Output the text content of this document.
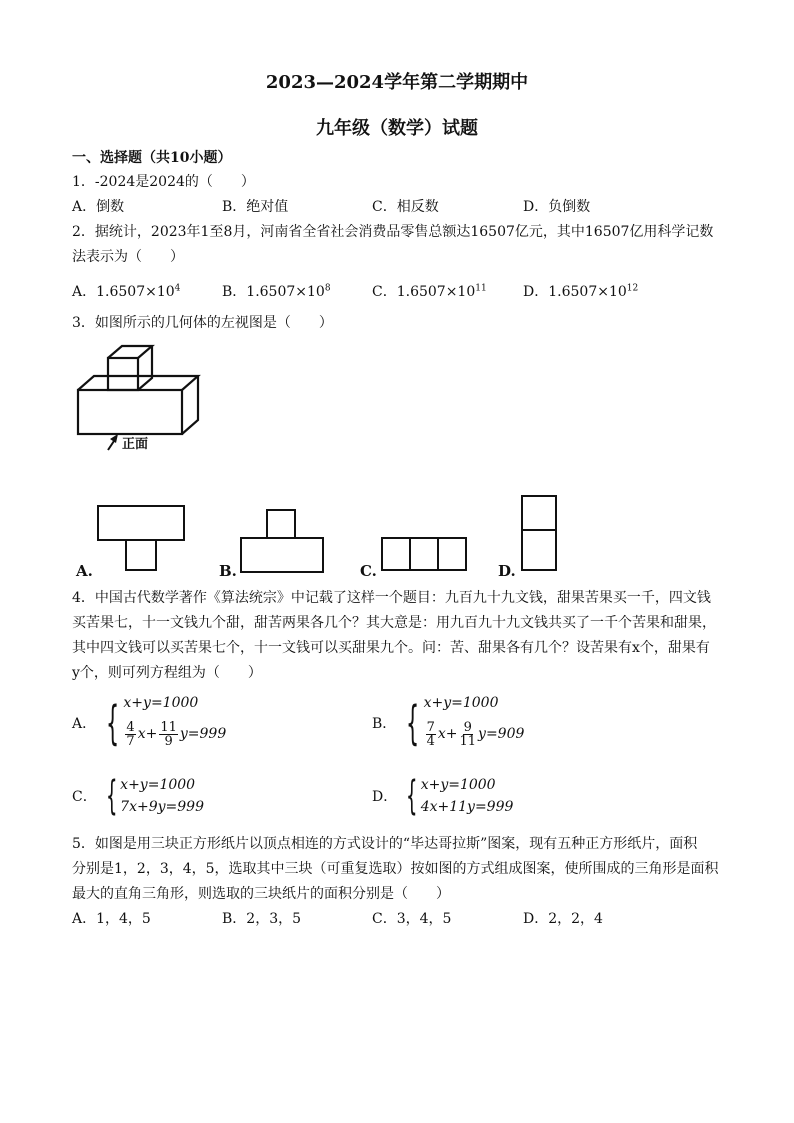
2023—2024学年第二学期期中
九年级（数学）试题
一、选择题（共10小题）
1．-2024是2024的（　　）
A．倒数	B．绝对值	C．相反数	D．负倒数
2．据统计，2023年1至8月，河南省全省社会消费品零售总额达16507亿元，其中16507亿用科学记数
法表示为（　　）
A．$1.6507\times 10^4$	B．$1.6507\times 10^8$	C．$1.6507\times 10^{11}$	D．$1.6507\times 10^{12}$
3．如图所示的几何体的左视图是（　　）
正面
A.	B.	C.	D.
4．中国古代数学著作《算法统宗》中记载了这样一个题目：九百九十九文钱，甜果苦果买一千，四文钱
买苦果七，十一文钱九个甜，甜苦两果各几个？其大意是：用九百九十九文钱共买了一千个苦果和甜果，
其中四文钱可以买苦果七个，十一文钱可以买甜果九个。问：苦、甜果各有几个？设苦果有x个，甜果有
y个，则可列方程组为（　　）
A． { x+y=1000
$\frac{4}{7} x+ \frac{11}{9} y=999$
B． { x+y=1000
$\frac{7}{4} x+ \frac{9}{11} y=909$
C． { x+y=1000
7x+9y=999
D． { x+y=1000
4x+11y=999
5．如图是用三块正方形纸片以顶点相连的方式设计的“毕达哥拉斯”图案，现有五种正方形纸片，面积
分别是1，2，3，4，5，选取其中三块（可重复选取）按如图的方式组成图案，使所围成的三角形是面积
最大的直角三角形，则选取的三块纸片的面积分别是（　　）
A．1，4，5	B．2，3，5	C．3，4，5	D．2，2，4
